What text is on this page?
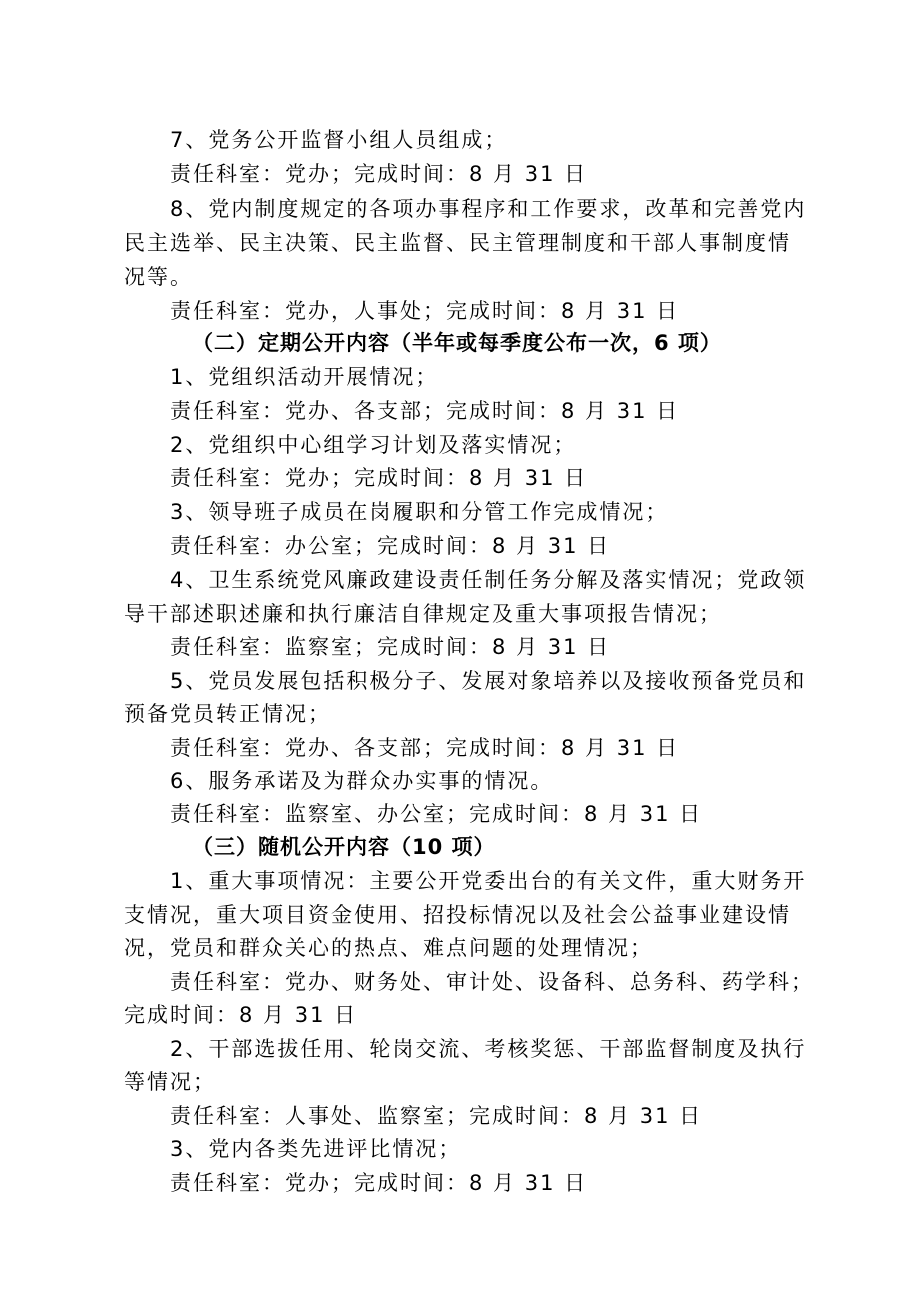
7、党务公开监督小组人员组成；
责任科室：党办；完成时间：8 月 31 日
8、党内制度规定的各项办事程序和工作要求，改革和完善党内
民主选举、民主决策、民主监督、民主管理制度和干部人事制度情
况等。
责任科室：党办，人事处；完成时间：8 月 31 日
（二）定期公开内容（半年或每季度公布一次，6 项）
1、党组织活动开展情况；
责任科室：党办、各支部；完成时间：8 月 31 日
2、党组织中心组学习计划及落实情况；
责任科室：党办；完成时间：8 月 31 日
3、领导班子成员在岗履职和分管工作完成情况；
责任科室：办公室；完成时间：8 月 31 日
4、卫生系统党风廉政建设责任制任务分解及落实情况；党政领
导干部述职述廉和执行廉洁自律规定及重大事项报告情况；
责任科室：监察室；完成时间：8 月 31 日
5、党员发展包括积极分子、发展对象培养以及接收预备党员和
预备党员转正情况；
责任科室：党办、各支部；完成时间：8 月 31 日
6、服务承诺及为群众办实事的情况。
责任科室：监察室、办公室；完成时间：8 月 31 日
（三）随机公开内容（10 项）
1、重大事项情况：主要公开党委出台的有关文件，重大财务开
支情况，重大项目资金使用、招投标情况以及社会公益事业建设情
况，党员和群众关心的热点、难点问题的处理情况；
责任科室：党办、财务处、审计处、设备科、总务科、药学科；
完成时间：8 月 31 日
2、干部选拔任用、轮岗交流、考核奖惩、干部监督制度及执行
等情况；
责任科室：人事处、监察室；完成时间：8 月 31 日
3、党内各类先进评比情况；
责任科室：党办；完成时间：8 月 31 日
